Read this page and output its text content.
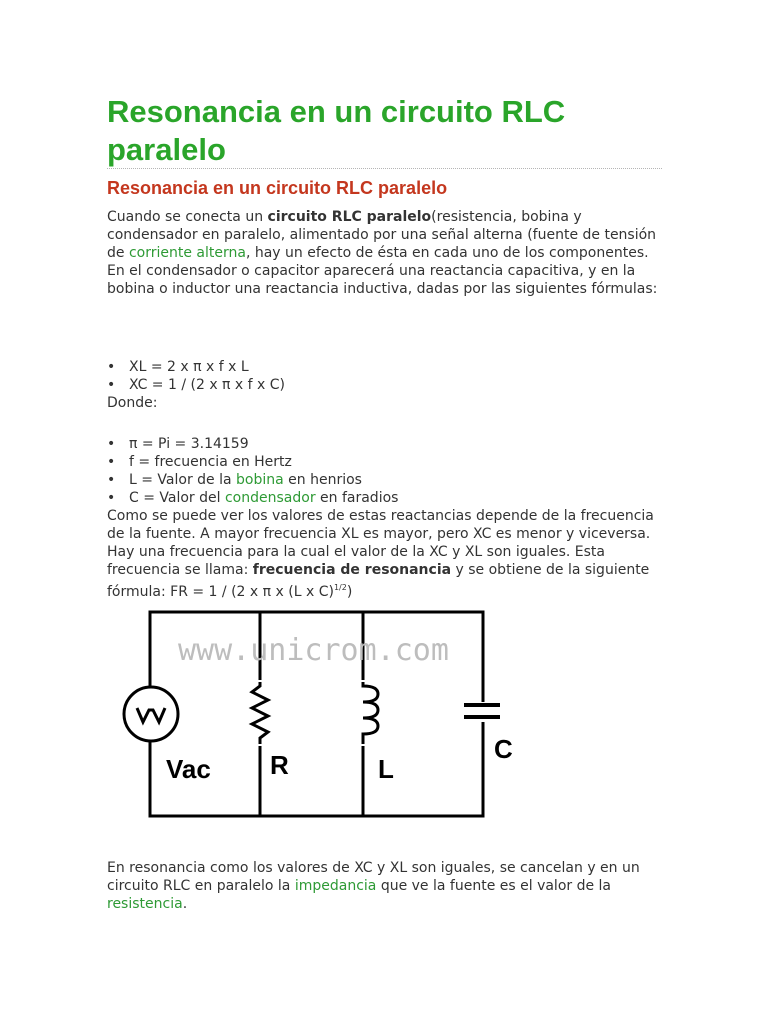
Resonancia en un circuito RLC paralelo
Resonancia en un circuito RLC paralelo

Cuando se conecta un circuito RLC paralelo(resistencia, bobina y condensador en paralelo, alimentado por una señal alterna (fuente de tensión de corriente alterna, hay un efecto de ésta en cada uno de los componentes.

En el condensador o capacitor aparecerá una reactancia capacitiva, y en la bobina o inductor una reactancia inductiva, dadas por las siguientes fórmulas:

• XL = 2 x π x f x L
• XC = 1 / (2 x π x f x C)

Donde:

• π = Pi = 3.14159
• f = frecuencia en Hertz
• L = Valor de la bobina en henrios
• C = Valor del condensador en faradios

Como se puede ver los valores de estas reactancias depende de la frecuencia de la fuente. A mayor frecuencia XL es mayor, pero XC es menor y viceversa. Hay una frecuencia para la cual el valor de la XC y XL son iguales. Esta frecuencia se llama: frecuencia de resonancia y se obtiene de la siguiente fórmula: FR = 1 / (2 x π x (L x C)$^{1/2}$)

En resonancia como los valores de XC y XL son iguales, se cancelan y en un circuito RLC en paralelo la impedancia que ve la fuente es el valor de la resistencia.

www.unicrom.com
Vac R	L
C
